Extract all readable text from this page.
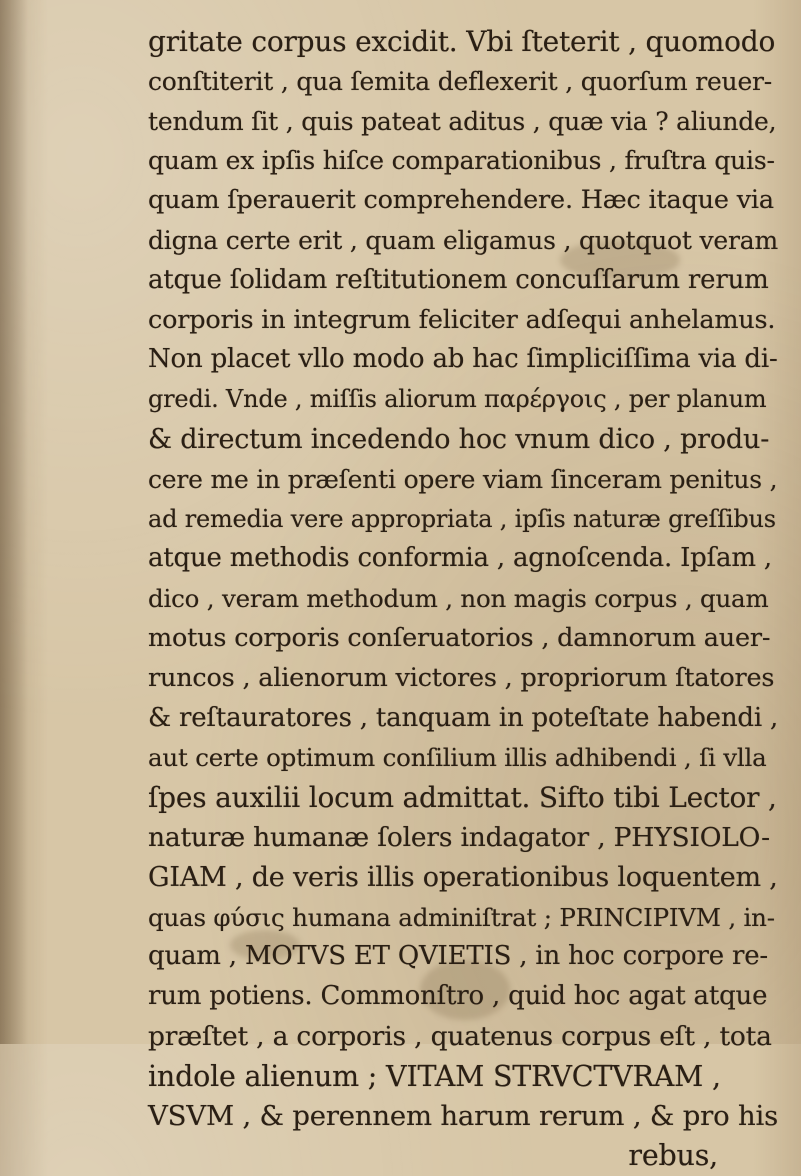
gritate corpus excidit. Vbi ſteterit , quomodo
conſtiterit , qua ſemita deflexerit , quorſum reuer-
tendum ſit , quis pateat aditus , quæ via ? aliunde,
quam ex ipſis hiſce comparationibus , fruſtra quis-
quam ſperauerit comprehendere. Hæc itaque via
digna certe erit , quam eligamus , quotquot veram
atque ſolidam reſtitutionem concuſſarum rerum
corporis in integrum feliciter adſequi anhelamus.
Non placet vllo modo ab hac ſimpliciſſima via di-
gredi. Vnde , miſſis aliorum παρέργοις , per planum
& directum incedendo hoc vnum dico , produ-
cere me in præſenti opere viam ſinceram penitus ,
ad remedia vere appropriata , ipſis naturæ greſſibus
atque methodis conformia , agnoſcenda. Ipſam ,
dico , veram methodum , non magis corpus , quam
motus corporis conſeruatorios , damnorum auer-
runcos , alienorum victores , propriorum ſtatores
& reſtauratores , tanquam in poteſtate habendi ,
aut certe optimum conſilium illis adhibendi , ſi vlla
ſpes auxilii locum admittat. Sifto tibi Lector ,
naturæ humanæ ſolers indagator , PHYSIOLO-
GIAM , de veris illis operationibus loquentem ,
quas φύσις humana adminiſtrat ; PRINCIPIVM , in-
quam , MOTVS ET QVIETIS , in hoc corpore re-
rum potiens. Commonſtro , quid hoc agat atque
præſtet , a corporis , quatenus corpus eſt , tota
indole alienum ; VITAM STRVCTVRAM ,
VSVM , & perennem harum rerum , & pro his
rebus,
